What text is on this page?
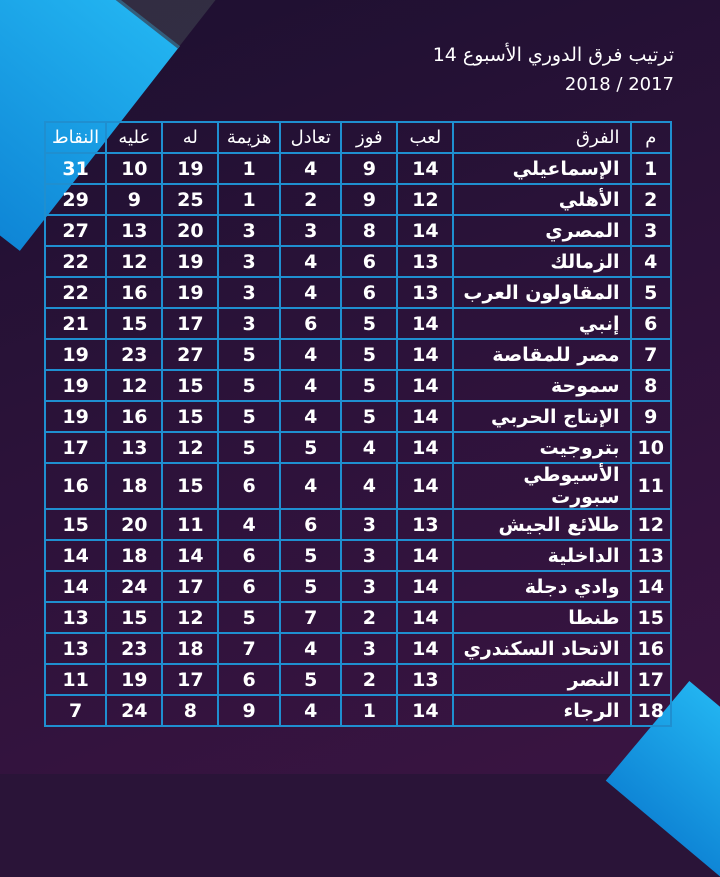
ترتيب فرق الدوري الأسبوع 14
2018 / 2017
م	الفرق	لعب	فوز	تعادل	هزيمة	له	عليه	النقاط
1	الإسماعيلي	14	9	4	1	19	10	31
2	الأهلي	12	9	2	1	25	9	29
3	المصري	14	8	3	3	20	13	27
4	الزمالك	13	6	4	3	19	12	22
5	المقاولون العرب	13	6	4	3	19	16	22
6	إنبي	14	5	6	3	17	15	21
7	مصر للمقاصة	14	5	4	5	27	23	19
8	سموحة	14	5	4	5	15	12	19
9	الإنتاج الحربي	14	5	4	5	15	16	19
10	بتروجيت	14	4	5	5	12	13	17
11	الأسيوطي سبورت	14	4	4	6	15	18	16
12	طلائع الجيش	13	3	6	4	11	20	15
13	الداخلية	14	3	5	6	14	18	14
14	وادي دجلة	14	3	5	6	17	24	14
15	طنطا	14	2	7	5	12	15	13
16	الاتحاد السكندري	14	3	4	7	18	23	13
17	النصر	13	2	5	6	17	19	11
18	الرجاء	14	1	4	9	8	24	7
